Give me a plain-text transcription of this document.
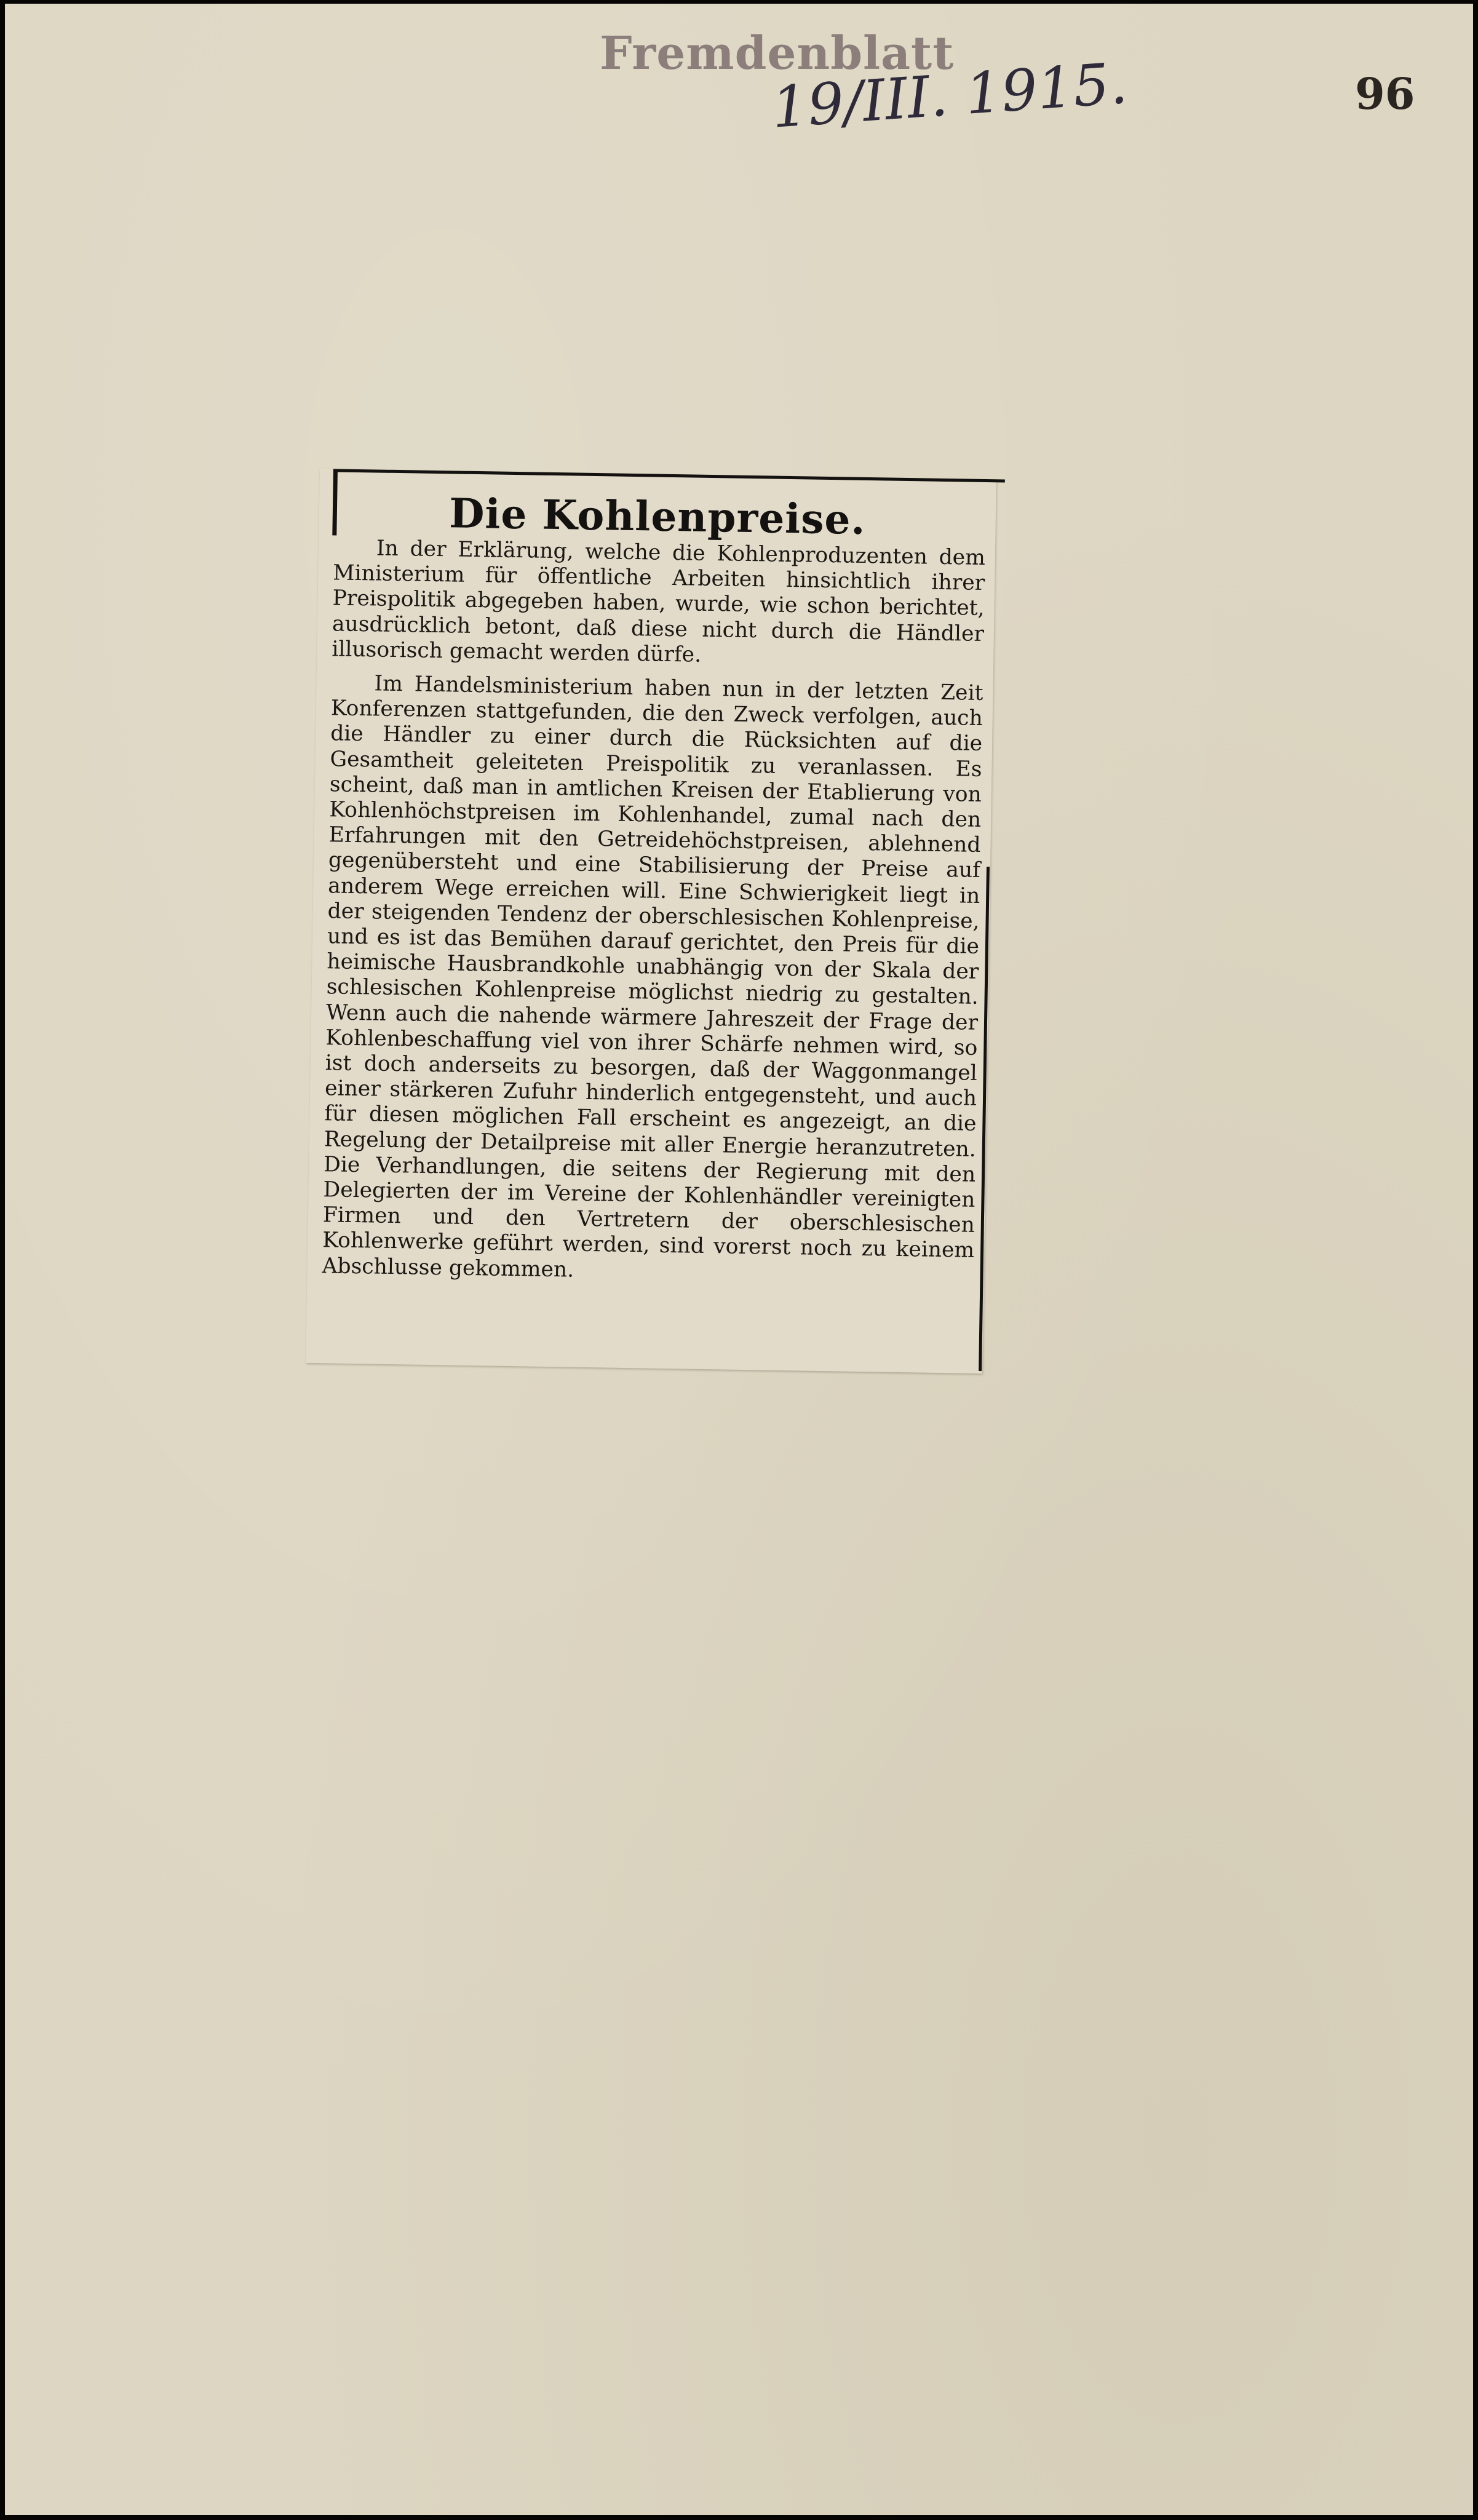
Fremdenblatt
19/III. 1915.	96
Die Kohlenpreise.

In der Erklärung, welche die Kohlenproduzenten dem Ministerium für öffentliche Arbeiten hinsichtlich ihrer Preispolitik abgegeben haben, wurde, wie schon berichtet, ausdrücklich betont, daß diese nicht durch die Händler illusorisch gemacht werden dürfe.

Im Handelsministerium haben nun in der letzten Zeit Konferenzen stattgefunden, die den Zweck verfolgen, auch die Händler zu einer durch die Rücksichten auf die Gesamtheit geleiteten Preispolitik zu veranlassen. Es scheint, daß man in amtlichen Kreisen der Etablierung von Kohlenhöchstpreisen im Kohlenhandel, zumal nach den Erfahrungen mit den Getreidehöchstpreisen, ablehnend gegenübersteht und eine Stabilisierung der Preise auf anderem Wege erreichen will. Eine Schwierigkeit liegt in der steigenden Tendenz der oberschlesischen Kohlenpreise, und es ist das Bemühen darauf gerichtet, den Preis für die heimische Hausbrandkohle unabhängig von der Skala der schlesischen Kohlenpreise möglichst niedrig zu gestalten. Wenn auch die nahende wärmere Jahreszeit der Frage der Kohlenbeschaffung viel von ihrer Schärfe nehmen wird, so ist doch anderseits zu besorgen, daß der Waggonmangel einer stärkeren Zufuhr hinderlich entgegensteht, und auch für diesen möglichen Fall erscheint es angezeigt, an die Regelung der Detailpreise mit aller Energie heranzutreten. Die Verhandlungen, die seitens der Regierung mit den Delegierten der im Vereine der Kohlenhändler vereinigten Firmen und den Vertretern der oberschlesischen Kohlenwerke geführt werden, sind vorerst noch zu keinem Abschlusse gekommen.
